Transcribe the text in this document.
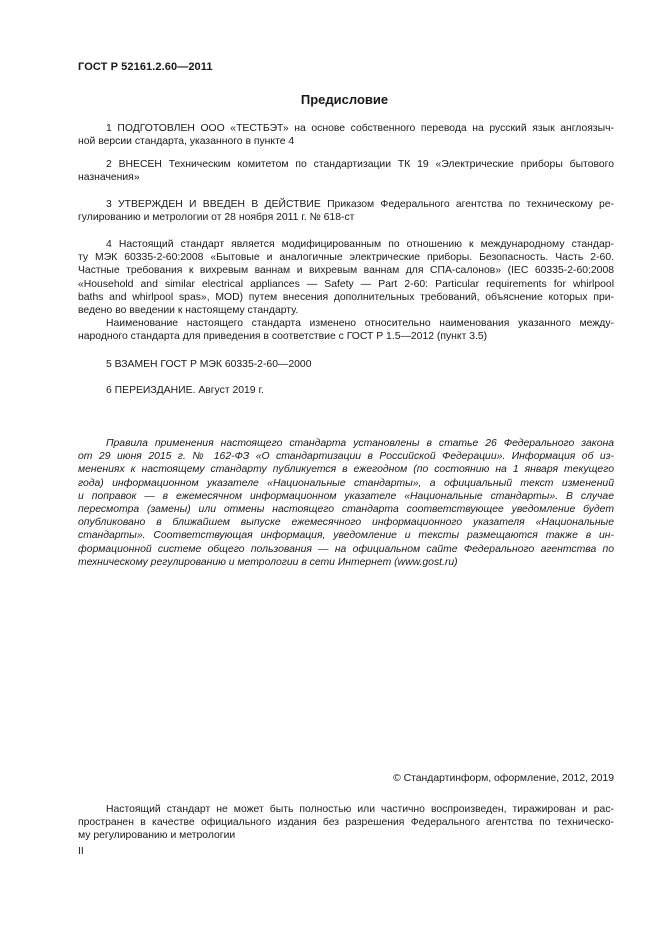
ГОСТ Р 52161.2.60—2011
Предисловие
1 ПОДГОТОВЛЕН ООО «ТЕСТБЭТ» на основе собственного перевода на русский язык англоязыч-
ной версии стандарта, указанного в пункте 4
2 ВНЕСЕН Техническим комитетом по стандартизации ТК 19 «Электрические приборы бытового
назначения»
3 УТВЕРЖДЕН И ВВЕДЕН В ДЕЙСТВИЕ Приказом Федерального агентства по техническому ре-
гулированию и метрологии от 28 ноября 2011 г. № 618-ст
4 Настоящий стандарт является модифицированным по отношению к международному стандар-
ту МЭК 60335-2-60:2008 «Бытовые и аналогичные электрические приборы. Безопасность. Часть 2-60.
Частные требования к вихревым ваннам и вихревым ваннам для СПА-салонов» (IEC 60335-2-60:2008
«Household and similar electrical appliances — Safety — Part 2-60: Particular requirements for whirlpool
baths and whirlpool spas», MOD) путем внесения дополнительных требований, объяснение которых при-
ведено во введении к настоящему стандарту.
Наименование настоящего стандарта изменено относительно наименования указанного между-
народного стандарта для приведения в соответствие с ГОСТ Р 1.5—2012 (пункт 3.5)
5 ВЗАМЕН ГОСТ Р МЭК 60335-2-60—2000
6 ПЕРЕИЗДАНИЕ. Август 2019 г.
Правила применения настоящего стандарта установлены в статье 26 Федерального закона
от 29 июня 2015 г. № 162-ФЗ «О стандартизации в Российской Федерации». Информация об из-
менениях к настоящему стандарту публикуется в ежегодном (по состоянию на 1 января текущего
года) информационном указателе «Национальные стандарты», а официальный текст изменений
и поправок — в ежемесячном информационном указателе «Национальные стандарты». В случае
пересмотра (замены) или отмены настоящего стандарта соответствующее уведомление будет
опубликовано в ближайшем выпуске ежемесячного информационного указателя «Национальные
стандарты». Соответствующая информация, уведомление и тексты размещаются также в ин-
формационной системе общего пользования — на официальном сайте Федерального агентства по
техническому регулированию и метрологии в сети Интернет (www.gost.ru)
© Стандартинформ, оформление, 2012, 2019
Настоящий стандарт не может быть полностью или частично воспроизведен, тиражирован и рас-
пространен в качестве официального издания без разрешения Федерального агентства по техническо-
му регулированию и метрологии
II
